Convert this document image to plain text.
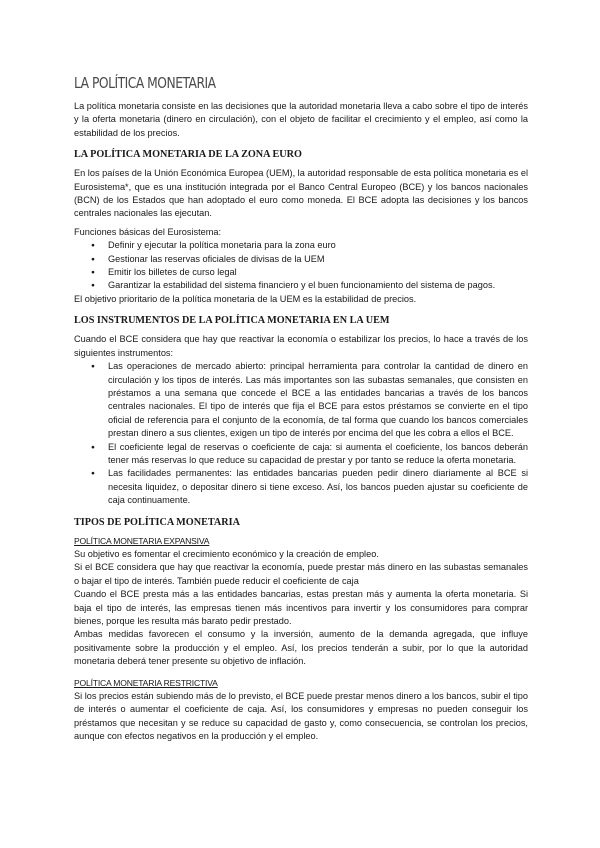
LA POLÍTICA MONETARIA

La política monetaria consiste en las decisiones que la autoridad monetaria lleva a cabo sobre el tipo de interés y la oferta monetaria (dinero en circulación), con el objeto de facilitar el crecimiento y el empleo, así como la estabilidad de los precios.

LA POLÍTICA MONETARIA DE LA ZONA EURO

En los países de la Unión Económica Europea (UEM), la autoridad responsable de esta política monetaria es el Eurosistema*, que es una institución integrada por el Banco Central Europeo (BCE) y los bancos nacionales (BCN) de los Estados que han adoptado el euro como moneda. El BCE adopta las decisiones y los bancos centrales nacionales las ejecutan.

Funciones básicas del Eurosistema:

● Definir y ejecutar la política monetaria para la zona euro
● Gestionar las reservas oficiales de divisas de la UEM
● Emitir los billetes de curso legal
● Garantizar la estabilidad del sistema financiero y el buen funcionamiento del sistema de pagos.

El objetivo prioritario de la política monetaria de la UEM es la estabilidad de precios.

LOS INSTRUMENTOS DE LA POLÍTICA MONETARIA EN LA UEM

Cuando el BCE considera que hay que reactivar la economía o estabilizar los precios, lo hace a través de los siguientes instrumentos:

● Las operaciones de mercado abierto: principal herramienta para controlar la cantidad de dinero en circulación y los tipos de interés. Las más importantes son las subastas semanales, que consisten en préstamos a una semana que concede el BCE a las entidades bancarias a través de los bancos centrales nacionales. El tipo de interés que fija el BCE para estos préstamos se convierte en el tipo oficial de referencia para el conjunto de la economía, de tal forma que cuando los bancos comerciales prestan dinero a sus clientes, exigen un tipo de interés por encima del que les cobra a ellos el BCE.
● El coeficiente legal de reservas o coeficiente de caja: si aumenta el coeficiente, los bancos deberán tener más reservas lo que reduce su capacidad de prestar y por tanto se reduce la oferta monetaria.
● Las facilidades permanentes: las entidades bancarias pueden pedir dinero diariamente al BCE si necesita liquidez, o depositar dinero si tiene exceso. Así, los bancos pueden ajustar su coeficiente de caja continuamente.
TIPOS DE POLÍTICA MONETARIA

POLÍTICA MONETARIA EXPANSIVA

Su objetivo es fomentar el crecimiento económico y la creación de empleo.

Si el BCE considera que hay que reactivar la economía, puede prestar más dinero en las subastas semanales o bajar el tipo de interés. También puede reducir el coeficiente de caja

Cuando el BCE presta más a las entidades bancarias, estas prestan más y aumenta la oferta monetaria. Si baja el tipo de interés, las empresas tienen más incentivos para invertir y los consumidores para comprar bienes, porque les resulta más barato pedir prestado.

Ambas medidas favorecen el consumo y la inversión, aumento de la demanda agregada, que influye positivamente sobre la producción y el empleo. Así, los precios tenderán a subir, por lo que la autoridad monetaria deberá tener presente su objetivo de inflación.

POLÍTICA MONETARIA RESTRICTIVA

Si los precios están subiendo más de lo previsto, el BCE puede prestar menos dinero a los bancos, subir el tipo de interés o aumentar el coeficiente de caja. Así, los consumidores y empresas no pueden conseguir los préstamos que necesitan y se reduce su capacidad de gasto y, como consecuencia, se controlan los precios, aunque con efectos negativos en la producción y el empleo.
